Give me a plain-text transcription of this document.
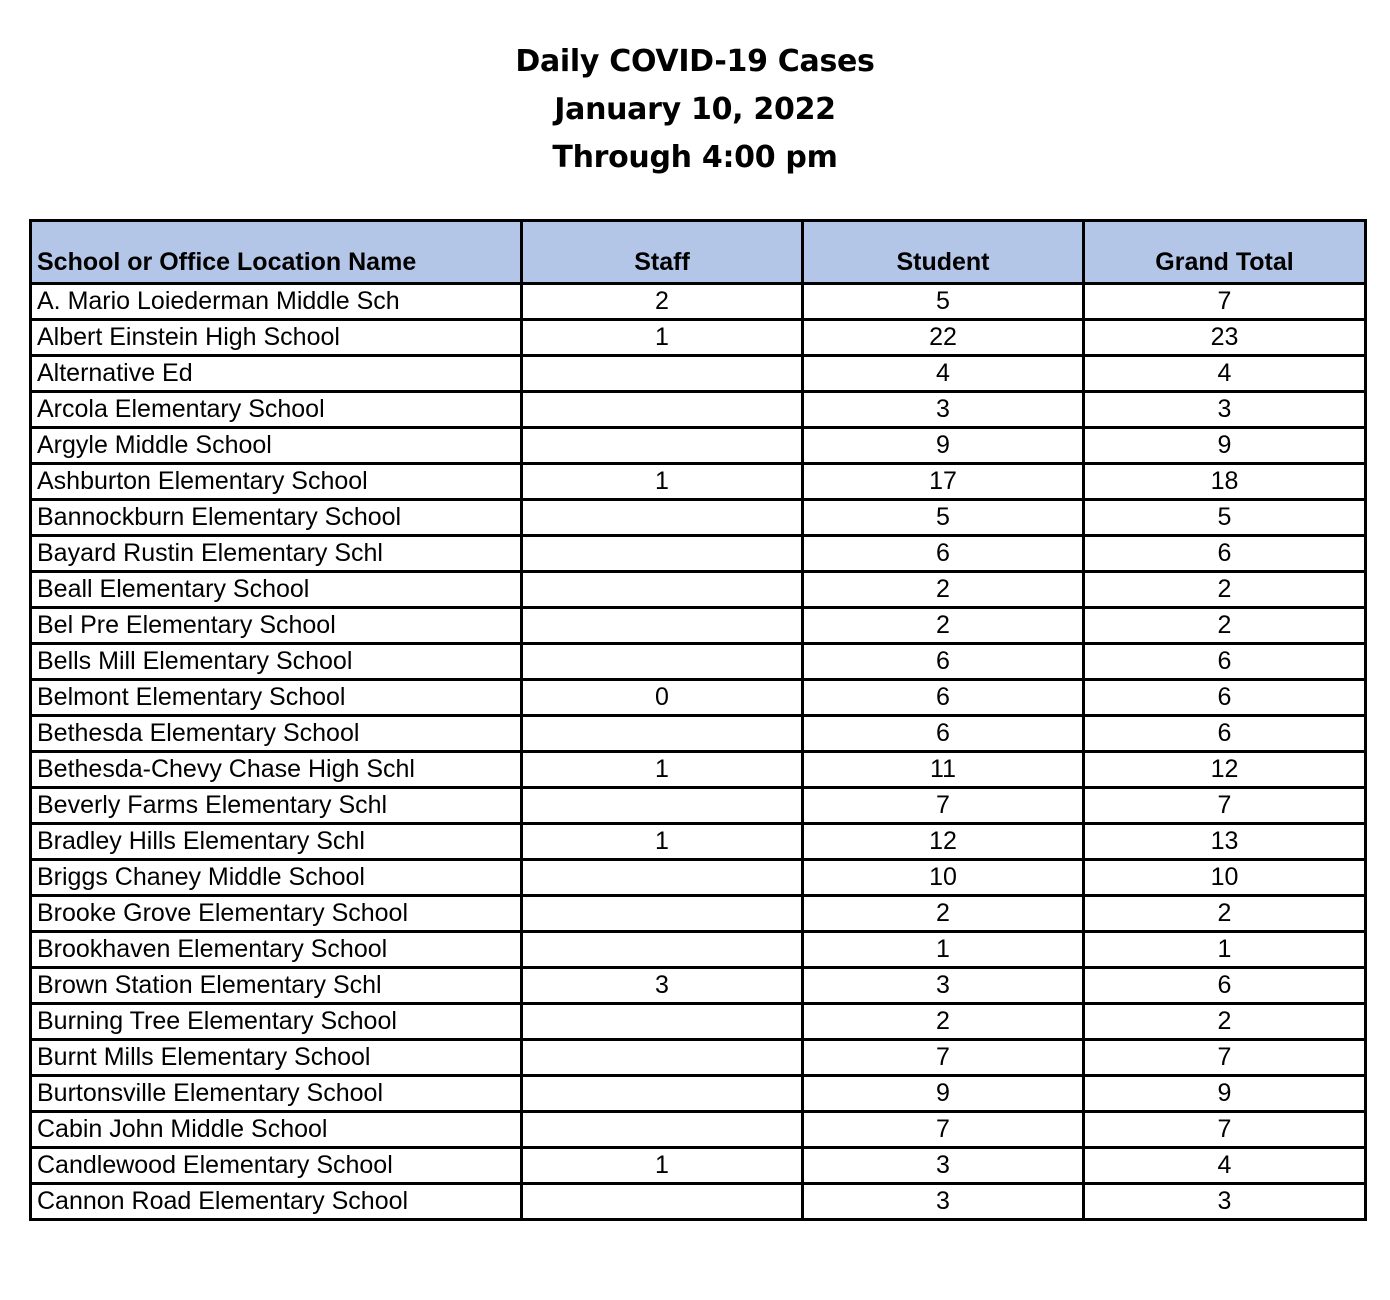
Daily COVID-19 Cases
January 10, 2022
Through 4:00 pm
School or Office Location Name	Staff	Student	Grand Total
A. Mario Loiederman Middle Sch	2	5	7
Albert Einstein High School	1	22	23
Alternative Ed		4	4
Arcola Elementary School		3	3
Argyle Middle School		9	9
Ashburton Elementary School	1	17	18
Bannockburn Elementary School		5	5
Bayard Rustin Elementary Schl		6	6
Beall Elementary School		2	2
Bel Pre Elementary School		2	2
Bells Mill Elementary School		6	6
Belmont Elementary School	0	6	6
Bethesda Elementary School		6	6
Bethesda-Chevy Chase High Schl	1	11	12
Beverly Farms Elementary Schl		7	7
Bradley Hills Elementary Schl	1	12	13
Briggs Chaney Middle School		10	10
Brooke Grove Elementary School		2	2
Brookhaven Elementary School		1	1
Brown Station Elementary Schl	3	3	6
Burning Tree Elementary School		2	2
Burnt Mills Elementary School		7	7
Burtonsville Elementary School		9	9
Cabin John Middle School		7	7
Candlewood Elementary School	1	3	4
Cannon Road Elementary School		3	3
